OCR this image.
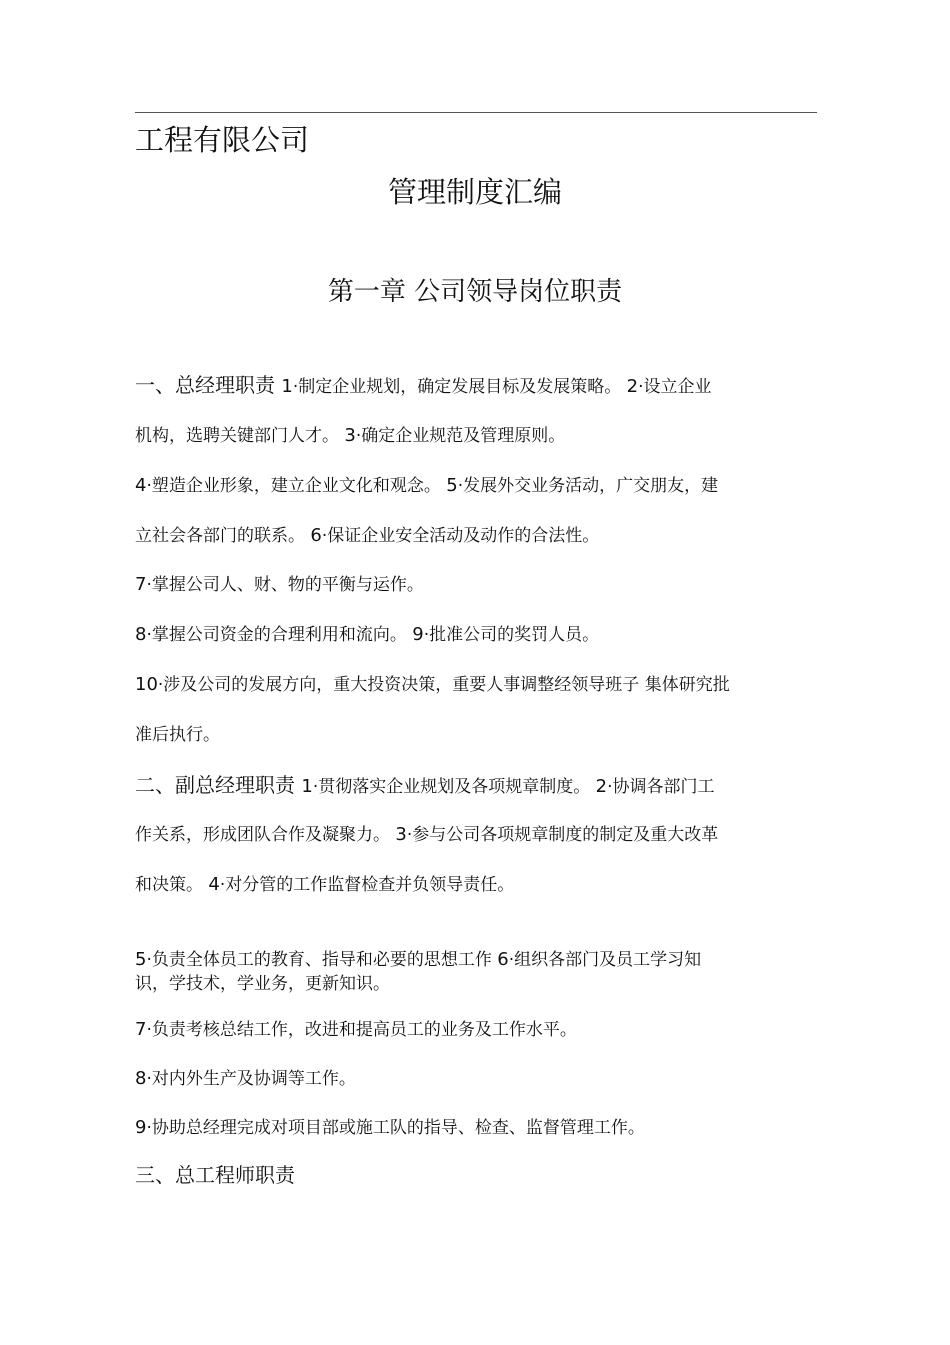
工程有限公司
管理制度汇编
第一章 公司领导岗位职责
一、总经理职责 1·制定企业规划，确定发展目标及发展策略。 2·设立企业
机构，选聘关键部门人才。 3·确定企业规范及管理原则。
4·塑造企业形象，建立企业文化和观念。 5·发展外交业务活动，广交朋友，建
立社会各部门的联系。 6·保证企业安全活动及动作的合法性。
7·掌握公司人、财、物的平衡与运作。
8·掌握公司资金的合理利用和流向。 9·批准公司的奖罚人员。
10·涉及公司的发展方向，重大投资决策，重要人事调整经领导班子 集体研究批
准后执行。
二、副总经理职责 1·贯彻落实企业规划及各项规章制度。 2·协调各部门工
作关系，形成团队合作及凝聚力。 3·参与公司各项规章制度的制定及重大改革
和决策。 4·对分管的工作监督检查并负领导责任。
5·负责全体员工的教育、指导和必要的思想工作 6·组织各部门及员工学习知
识，学技术，学业务，更新知识。
7·负责考核总结工作，改进和提高员工的业务及工作水平。
8·对内外生产及协调等工作。
9·协助总经理完成对项目部或施工队的指导、检查、监督管理工作。
三、总工程师职责
